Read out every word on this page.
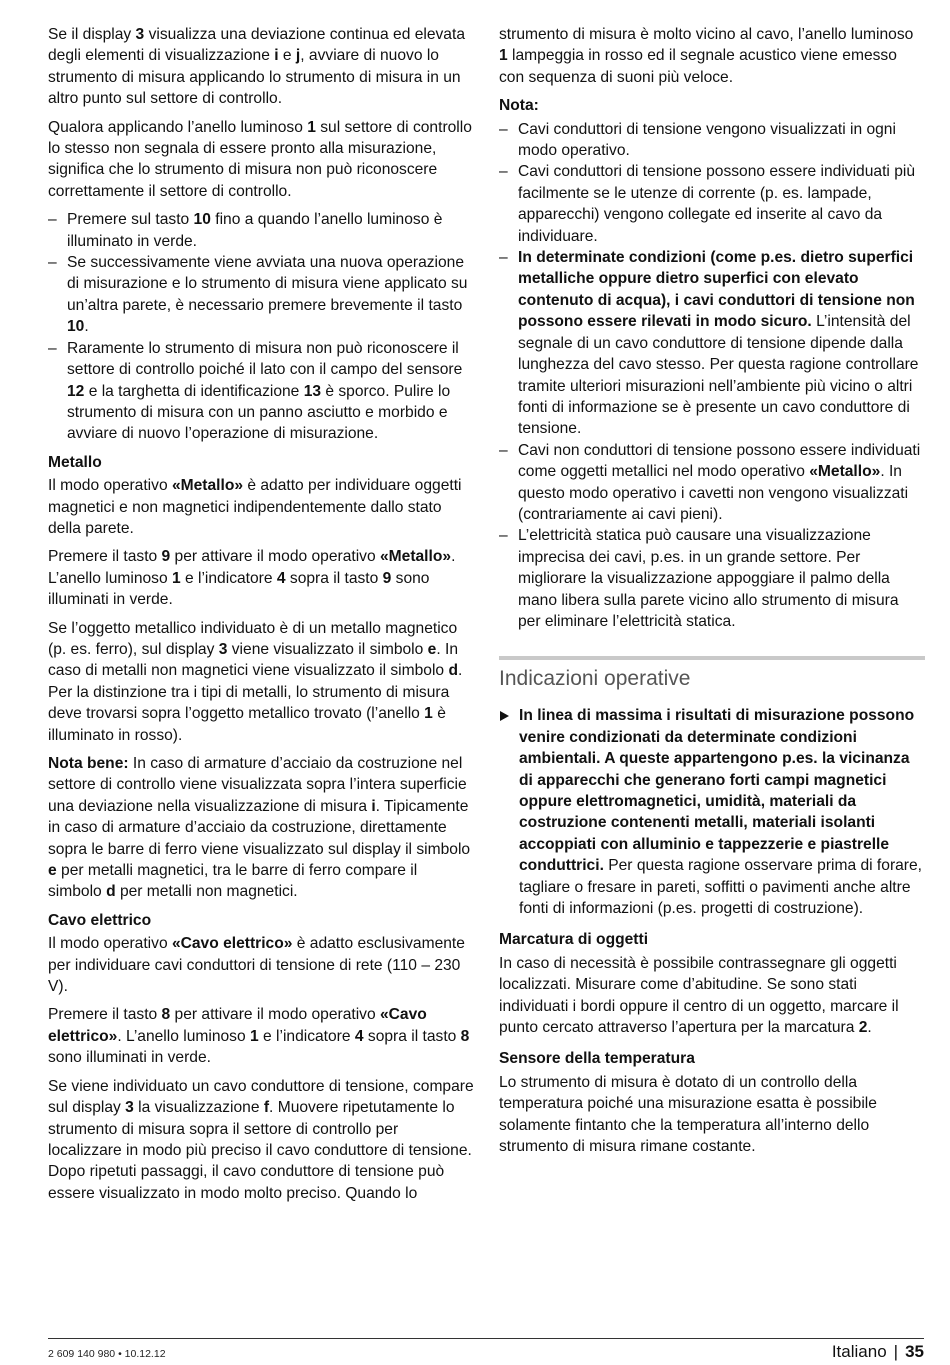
Se il display 3 visualizza una deviazione continua ed elevata degli elementi di visualizzazione i e j, avviare di nuovo lo strumento di misura applicando lo strumento di misura in un altro punto sul settore di controllo.

Qualora applicando l’anello luminoso 1 sul settore di controllo lo stesso non segnala di essere pronto alla misurazione, significa che lo strumento di misura non può riconoscere correttamente il settore di controllo.

– Premere sul tasto 10 fino a quando l’anello luminoso è illuminato in verde.
– Se successivamente viene avviata una nuova operazione di misurazione e lo strumento di misura viene applicato su un’altra parete, è necessario premere brevemente il tasto 10.
– Raramente lo strumento di misura non può riconoscere il settore di controllo poiché il lato con il campo del sensore 12 e la targhetta di identificazione 13 è sporco. Pulire lo strumento di misura con un panno asciutto e morbido e avviare di nuovo l’operazione di misurazione.

Metallo

Il modo operativo «Metallo» è adatto per individuare oggetti magnetici e non magnetici indipendentemente dallo stato della parete.

Premere il tasto 9 per attivare il modo operativo «Metallo». L’anello luminoso 1 e l’indicatore 4 sopra il tasto 9 sono illuminati in verde.

Se l’oggetto metallico individuato è di un metallo magnetico (p. es. ferro), sul display 3 viene visualizzato il simbolo e. In caso di metalli non magnetici viene visualizzato il simbolo d. Per la distinzione tra i tipi di metalli, lo strumento di misura deve trovarsi sopra l’oggetto metallico trovato (l’anello 1 è illuminato in rosso).

Nota bene: In caso di armature d’acciaio da costruzione nel settore di controllo viene visualizzata sopra l’intera superficie una deviazione nella visualizzazione di misura i. Tipicamente in caso di armature d’acciaio da costruzione, direttamente sopra le barre di ferro viene visualizzato sul display il simbolo e per metalli magnetici, tra le barre di ferro compare il simbolo d per metalli non magnetici.

Cavo elettrico

Il modo operativo «Cavo elettrico» è adatto esclusivamente per individuare cavi conduttori di tensione di rete (110 – 230 V).

Premere il tasto 8 per attivare il modo operativo «Cavo elettrico». L’anello luminoso 1 e l’indicatore 4 sopra il tasto 8 sono illuminati in verde.

Se viene individuato un cavo conduttore di tensione, compare sul display 3 la visualizzazione f. Muovere ripetutamente lo strumento di misura sopra il settore di controllo per localizzare in modo più preciso il cavo conduttore di tensione. Dopo ripetuti passaggi, il cavo conduttore di tensione può essere visualizzato in modo molto preciso. Quando lo

strumento di misura è molto vicino al cavo, l’anello luminoso 1 lampeggia in rosso ed il segnale acustico viene emesso con sequenza di suoni più veloce.

Nota:

– Cavi conduttori di tensione vengono visualizzati in ogni modo operativo.
– Cavi conduttori di tensione possono essere individuati più facilmente se le utenze di corrente (p. es. lampade, apparecchi) vengono collegate ed inserite al cavo da individuare.
– In determinate condizioni (come p.es. dietro superfici metalliche oppure dietro superfici con elevato contenuto di acqua), i cavi conduttori di tensione non possono essere rilevati in modo sicuro. L’intensità del segnale di un cavo conduttore di tensione dipende dalla lunghezza del cavo stesso. Per questa ragione controllare tramite ulteriori misurazioni nell’ambiente più vicino o altri fonti di informazione se è presente un cavo conduttore di tensione.
– Cavi non conduttori di tensione possono essere individuati come oggetti metallici nel modo operativo «Metallo». In questo modo operativo i cavetti non vengono visualizzati (contrariamente ai cavi pieni).
– L’elettricità statica può causare una visualizzazione imprecisa dei cavi, p.es. in un grande settore. Per migliorare la visualizzazione appoggiare il palmo della mano libera sulla parete vicino allo strumento di misura per eliminare l’elettricità statica.
Indicazioni operative
In linea di massima i risultati di misurazione possono venire condizionati da determinate condizioni ambientali. A queste appartengono p.es. la vicinanza di apparecchi che generano forti campi magnetici oppure elettromagnetici, umidità, materiali da costruzione contenenti metalli, materiali isolanti accoppiati con alluminio e tappezzerie e piastrelle conduttrici. Per questa ragione osservare prima di forare, tagliare o fresare in pareti, soffitti o pavimenti anche altre fonti di informazioni (p.es. progetti di costruzione).

Marcatura di oggetti

In caso di necessità è possibile contrassegnare gli oggetti localizzati. Misurare come d’abitudine. Se sono stati individuati i bordi oppure il centro di un oggetto, marcare il punto cercato attraverso l’apertura per la marcatura 2.

Sensore della temperatura

Lo strumento di misura è dotato di un controllo della temperatura poiché una misurazione esatta è possibile solamente fintanto che la temperatura all’interno dello strumento di misura rimane costante.

2 609 140 980 • 10.12.12	Italiano | 35
